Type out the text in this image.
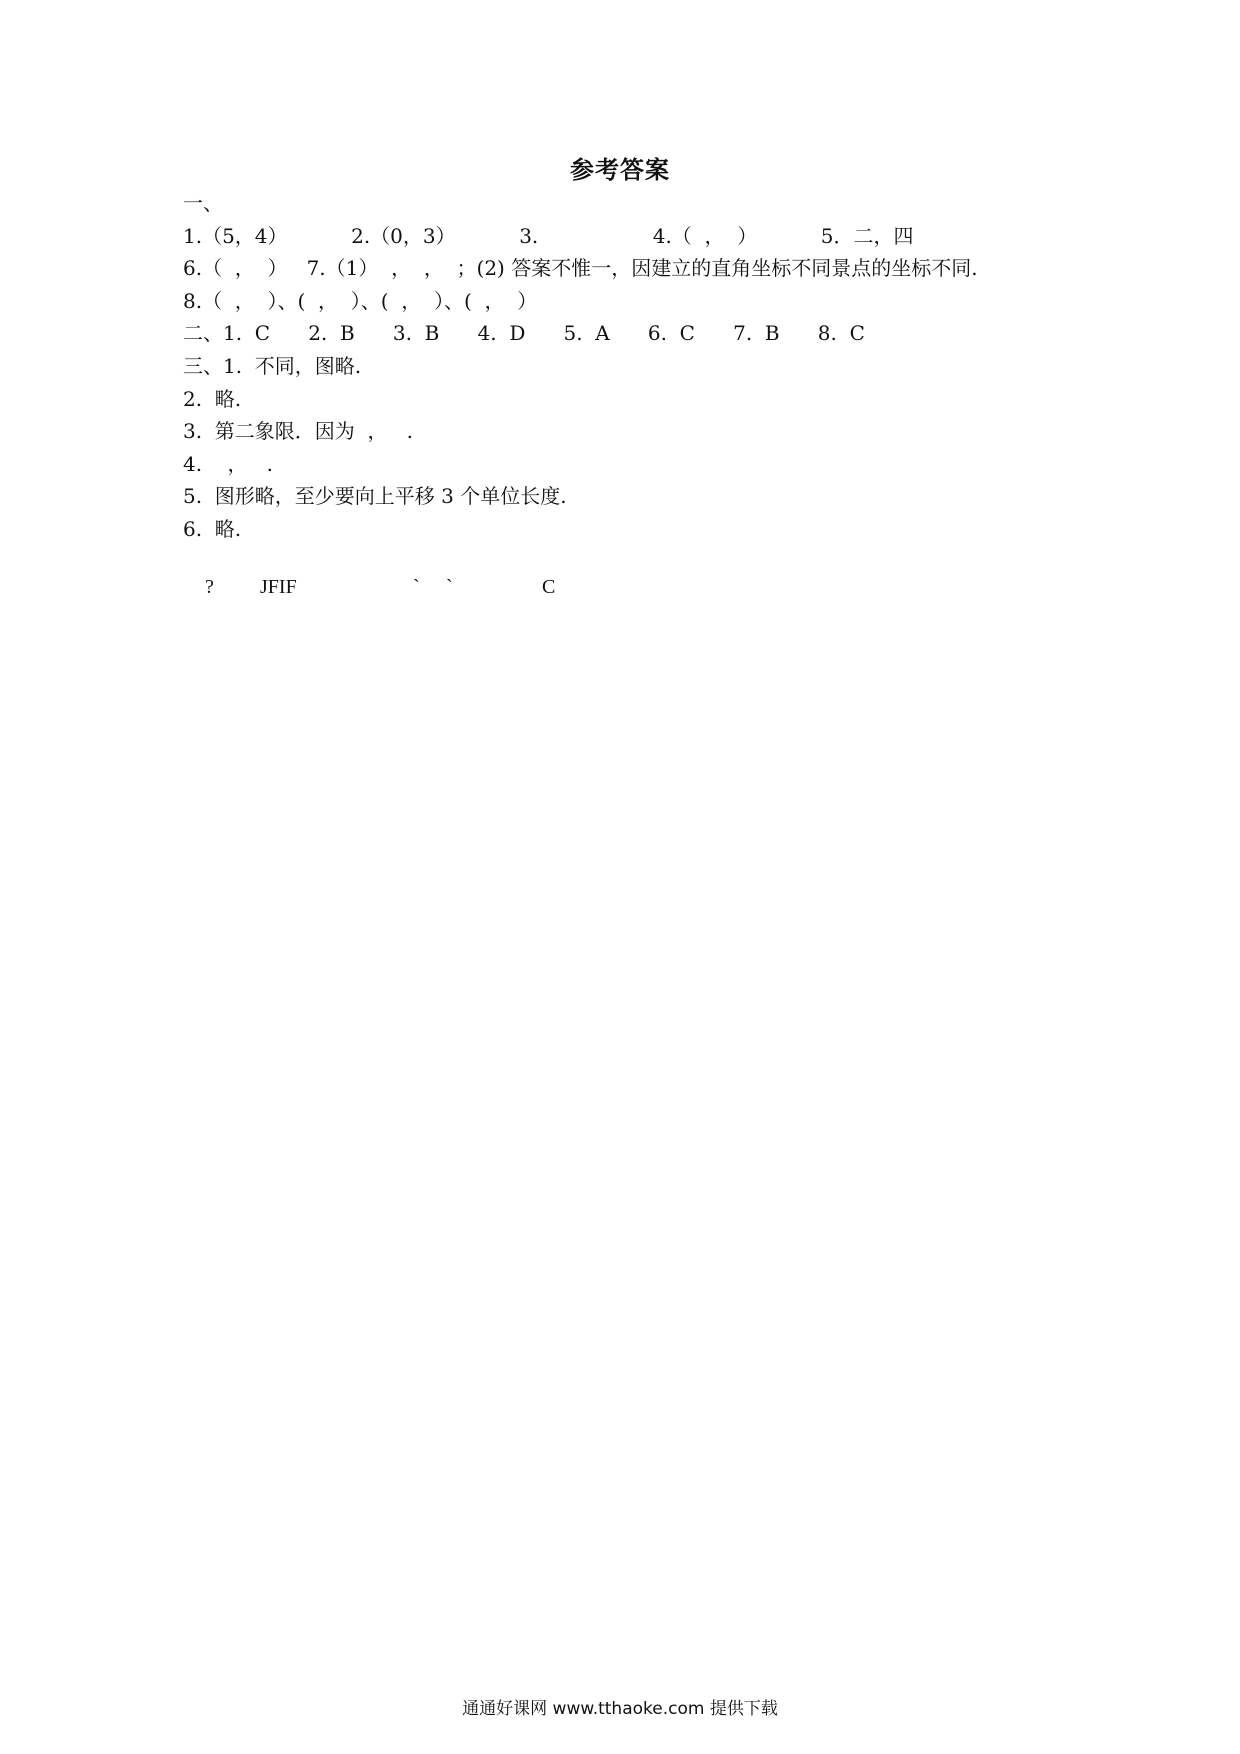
参考答案
一、
1.（5，4）          2.（0，3）          3.                  4.（  ，  ）          5．二，四
6.（  ，  ）   7.（1）  ，  ，  ；(2) 答案不惟一，因建立的直角坐标不同景点的坐标不同.
8.（  ，  ）、(  ，  ）、(  ，  ）、(  ，  ）
二、1.  C      2.  B      3.  B      4.  D      5.  A      6.  C      7.  B      8.  C
三、1.  不同，图略.
2.  略.
3.  第二象限．因为  ，   .
4.    ，   .
5.  图形略，至少要向上平移 3 个单位长度.
6.  略.
? JFIF	` `	C
通通好课网 www.tthaoke.com 提供下载
